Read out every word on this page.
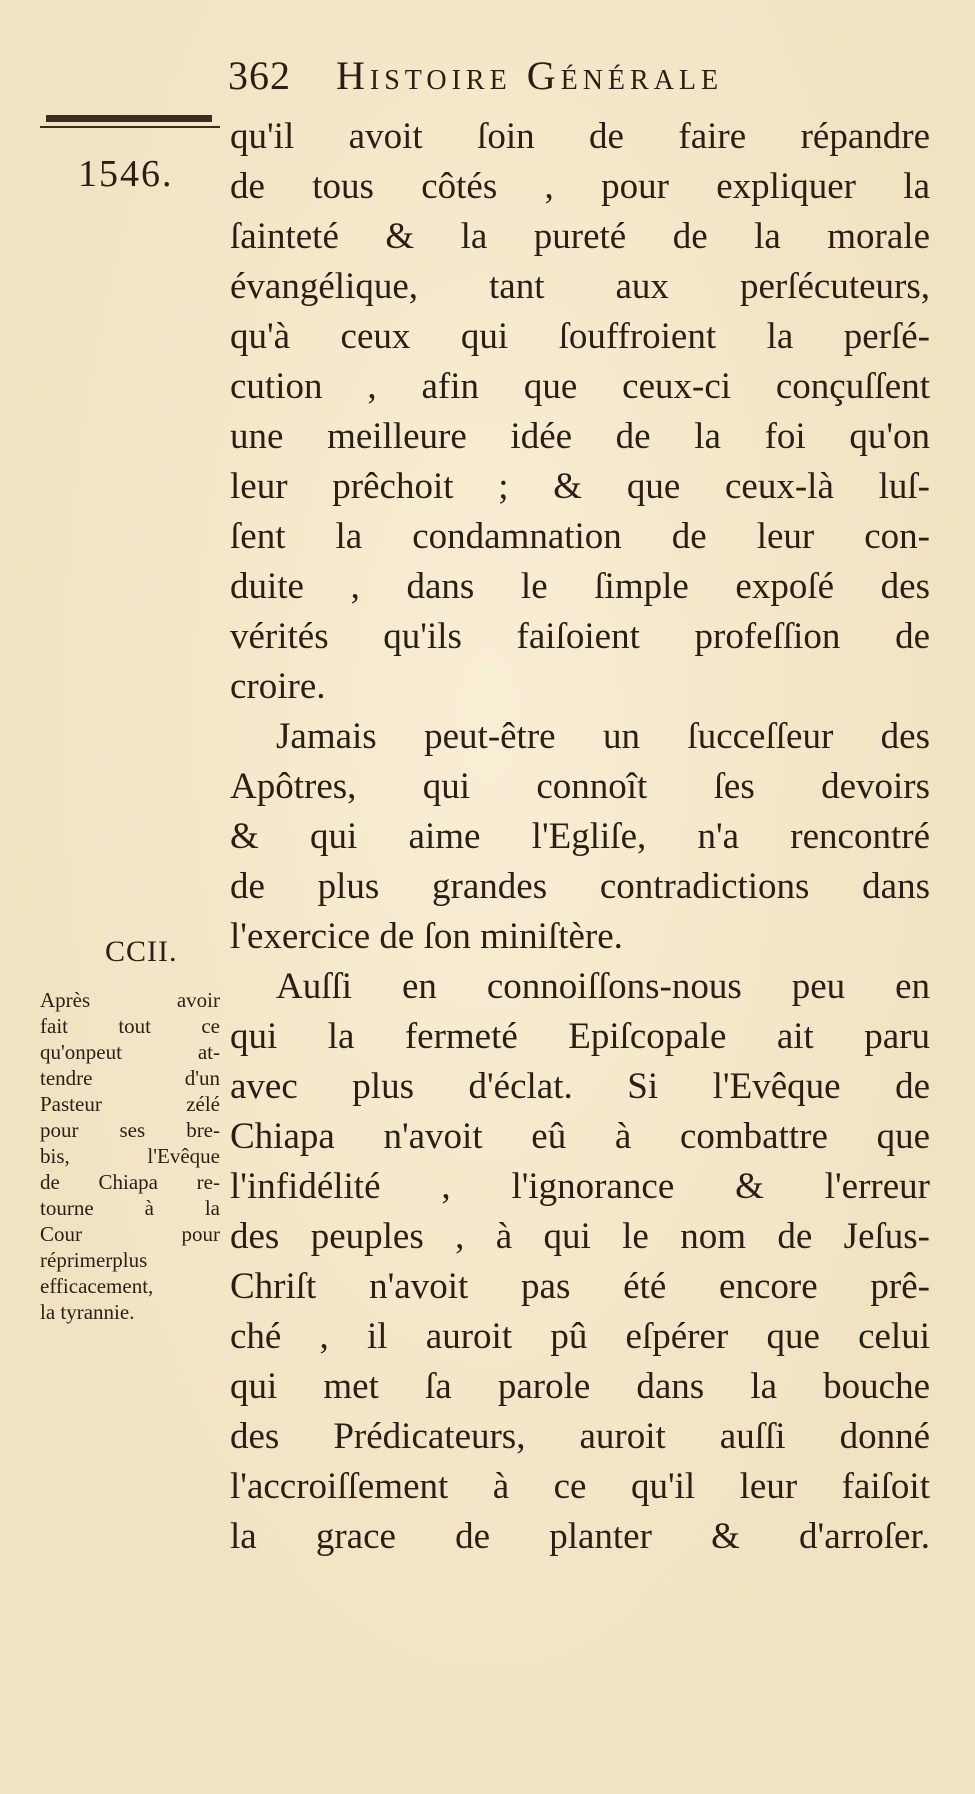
362 Histoire Générale
1546.
CCII.
Après avoir
fait tout ce
qu'onpeut at-
tendre d'un
Pasteur zélé
pour ses bre-
bis, l'Evêque
de Chiapa re-
tourne à la
Cour pour
réprimerplus
efficacement,
la tyrannie.
qu'il avoit ſoin de faire répandre
de tous côtés , pour expliquer la
ſainteté & la pureté de la morale
évangélique, tant aux perſécuteurs,
qu'à ceux qui ſouffroient la perſé-
cution , afin que ceux-ci conçuſſent
une meilleure idée de la foi qu'on
leur prêchoit ; & que ceux-là luſ-
ſent la condamnation de leur con-
duite , dans le ſimple expoſé des
vérités qu'ils faiſoient profeſſion de
croire.
Jamais peut-être un ſucceſſeur des
Apôtres, qui connoît ſes devoirs
& qui aime l'Egliſe, n'a rencontré
de plus grandes contradictions dans
l'exercice de ſon miniſtère.
Auſſi en connoiſſons-nous peu en
qui la fermeté Epiſcopale ait paru
avec plus d'éclat. Si l'Evêque de
Chiapa n'avoit eû à combattre que
l'infidélité , l'ignorance & l'erreur
des peuples , à qui le nom de Jeſus-
Chriſt n'avoit pas été encore prê-
ché , il auroit pû eſpérer que celui
qui met ſa parole dans la bouche
des Prédicateurs, auroit auſſi donné
l'accroiſſement à ce qu'il leur faiſoit
la grace de planter & d'arroſer.
